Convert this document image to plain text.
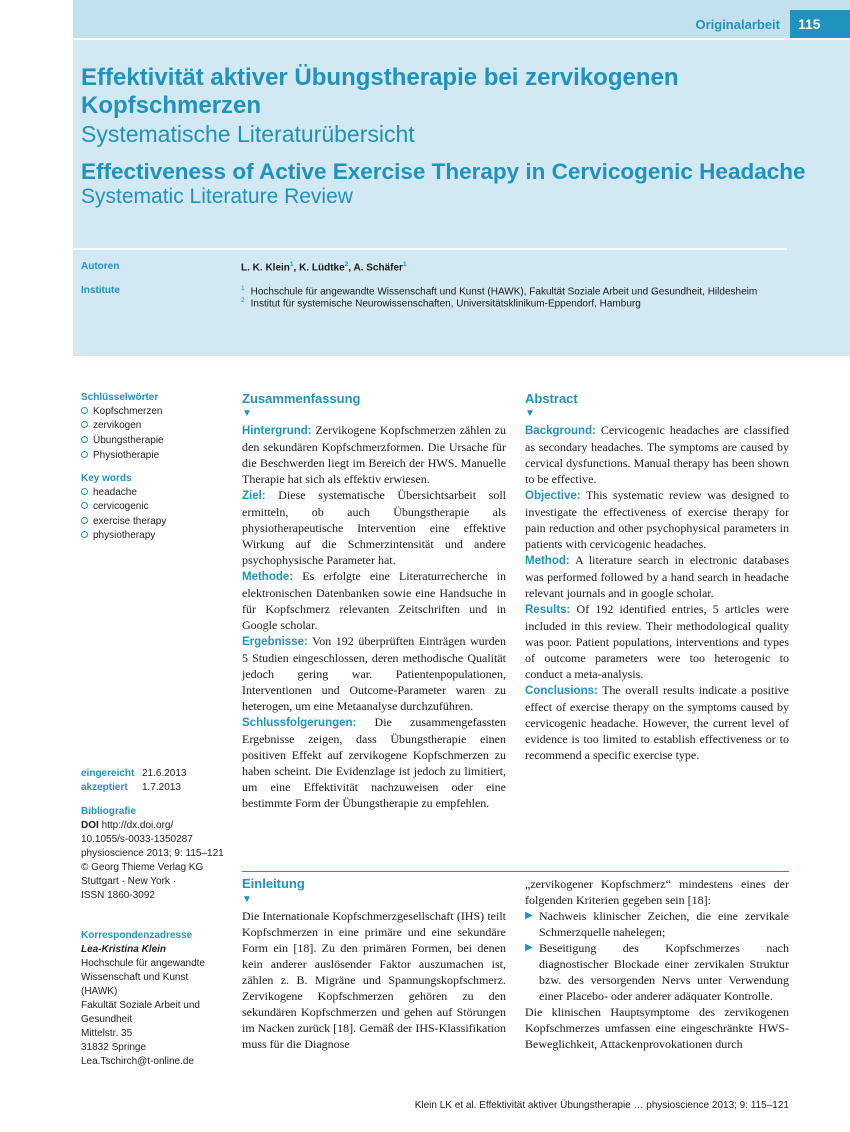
Originalarbeit	115
Effektivität aktiver Übungstherapie bei zervikogenen
Kopfschmerzen
Systematische Literaturübersicht
Effectiveness of Active Exercise Therapy in Cervicogenic Headache
Systematic Literature Review
Autoren	L. K. Klein$^1$, K. Lüdtke$^2$, A. Schäfer$^1$
Institute	$^1$ Hochschule für angewandte Wissenschaft und Kunst (HAWK), Fakultät Soziale Arbeit und Gesundheit, Hildesheim
$^2$ Institut für systemische Neurowissenschaften, Universitätsklinikum-Eppendorf, Hamburg
Schlüsselwörter
Kopfschmerzen
zervikogen
Übungstherapie
Physiotherapie
Key words
headache
cervicogenic
exercise therapy
physiotherapy
eingereicht 21.6.2013
akzeptiert 1.7.2013
Bibliografie
DOI http://dx.doi.org/
10.1055/s-0033-1350287
physioscience 2013; 9: 115–121
© Georg Thieme Verlag KG
Stuttgart · New York ·
ISSN 1860-3092
Korrespondenzadresse
Lea-Kristina Klein
Hochschule für angewandte
Wissenschaft und Kunst
(HAWK)
Fakultät Soziale Arbeit und
Gesundheit
Mittelstr. 35
31832 Springe
Lea.Tschirch@t-online.de
Zusammenfassung
▼

Hintergrund: Zervikogene Kopfschmerzen zählen zu den sekundären Kopfschmerzformen. Die Ursache für die Beschwerden liegt im Bereich der HWS. Manuelle Therapie hat sich als effektiv erwiesen.

Ziel: Diese systematische Übersichtsarbeit soll ermitteln, ob auch Übungstherapie als physiotherapeutische Intervention eine effektive Wirkung auf die Schmerzintensität und andere psychophysische Parameter hat.

Methode: Es erfolgte eine Literaturrecherche in elektronischen Datenbanken sowie eine Handsuche in für Kopfschmerz relevanten Zeitschriften und in Google scholar.

Ergebnisse: Von 192 überprüften Einträgen wurden 5 Studien eingeschlossen, deren methodische Qualität jedoch gering war. Patientenpopulationen, Interventionen und Outcome-Parameter waren zu heterogen, um eine Metaanalyse durchzuführen.

Schlussfolgerungen: Die zusammengefassten Ergebnisse zeigen, dass Übungstherapie einen positiven Effekt auf zervikogene Kopfschmerzen zu haben scheint. Die Evidenzlage ist jedoch zu limitiert, um eine Effektivität nachzuweisen oder eine bestimmte Form der Übungstherapie zu empfehlen.

Abstract
▼

Background: Cervicogenic headaches are classified as secondary headaches. The symptoms are caused by cervical dysfunctions. Manual therapy has been shown to be effective.

Objective: This systematic review was designed to investigate the effectiveness of exercise therapy for pain reduction and other psychophysical parameters in patients with cervicogenic headaches.

Method: A literature search in electronic databases was performed followed by a hand search in headache relevant journals and in google scholar.

Results: Of 192 identified entries, 5 articles were included in this review. Their methodological quality was poor. Patient populations, interventions and types of outcome parameters were too heterogenic to conduct a meta-analysis.

Conclusions: The overall results indicate a positive effect of exercise therapy on the symptoms caused by cervicogenic headache. However, the current level of evidence is too limited to establish effectiveness or to recommend a specific exercise type.

Einleitung
▼

Die Internationale Kopfschmerzgesellschaft (IHS) teilt Kopfschmerzen in eine primäre und eine sekundäre Form ein [18]. Zu den primären Formen, bei denen kein anderer auslösender Faktor auszumachen ist, zählen z. B. Migräne und Spannungskopfschmerz. Zervikogene Kopfschmerzen gehören zu den sekundären Kopfschmerzen und gehen auf Störungen im Nacken zurück [18]. Gemäß der IHS-Klassifikation muss für die Diagnose

„zervikogener Kopfschmerz“ mindestens eines der folgenden Kriterien gegeben sein [18]:

▶ Nachweis klinischer Zeichen, die eine zervikale Schmerzquelle nahelegen;
▶ Beseitigung des Kopfschmerzes nach diagnostischer Blockade einer zervikalen Struktur bzw. des versorgenden Nervs unter Verwendung einer Placebo- oder anderer adäquater Kontrolle.

Die klinischen Hauptsymptome des zervikogenen Kopfschmerzes umfassen eine eingeschränkte HWS-Beweglichkeit, Attackenprovokationen durch

Klein LK et al. Effektivität aktiver Übungstherapie … physioscience 2013; 9: 115–121
